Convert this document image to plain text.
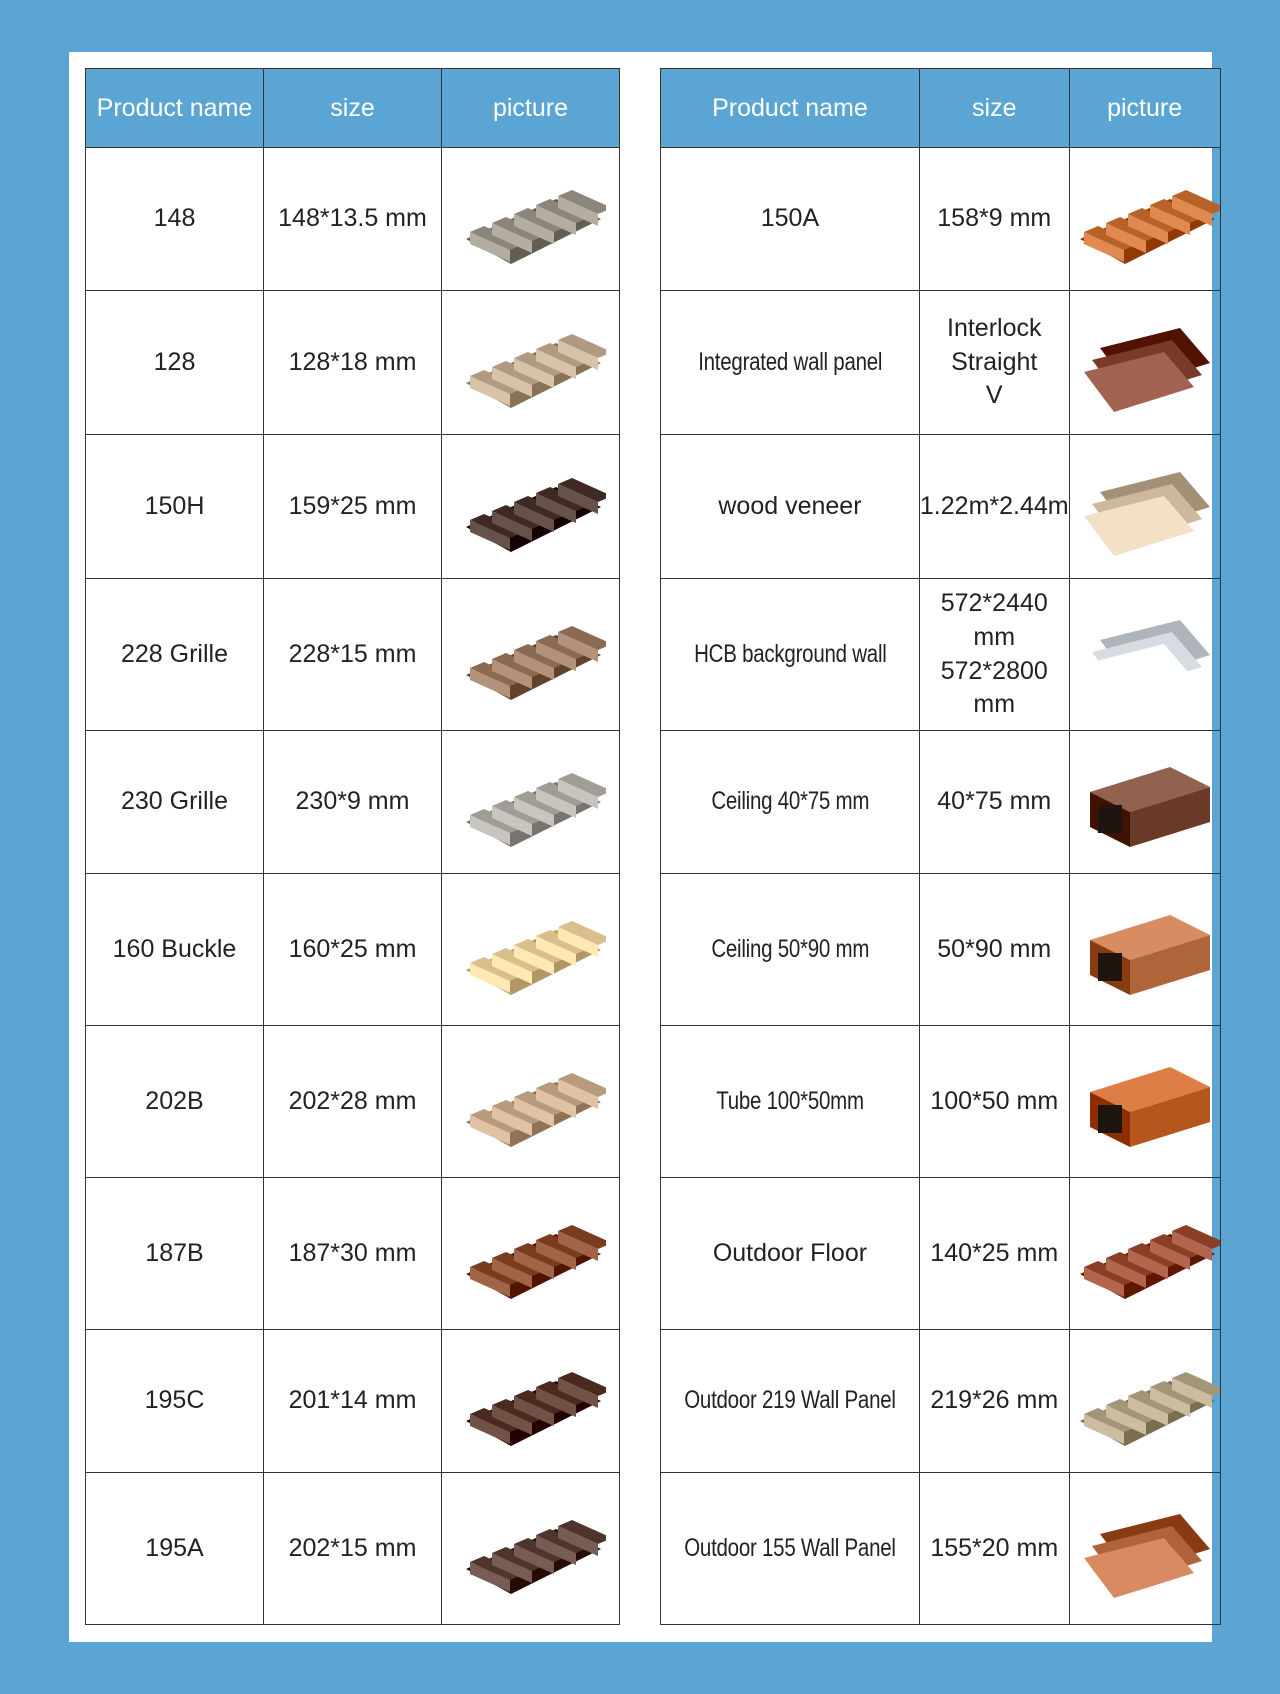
Product name	size	picture
148	148*13.5 mm	

128	128*18 mm	

150H	159*25 mm	

228 Grille	228*15 mm	

230 Grille	230*9 mm	

160 Buckle	160*25 mm	

202B	202*28 mm	

187B	187*30 mm	

195C	201*14 mm	

195A	202*15 mm	
Product name	size	picture
150A	158*9 mm

Integrated wall panel	Interlock
Straight
V

wood veneer	1.22m*2.44m

HCB background wall	572*2440 mm
572*2800 mm

Ceiling 40*75 mm	40*75 mm

Ceiling 50*90 mm	50*90 mm

Tube 100*50mm	100*50 mm

Outdoor Floor	140*25 mm

Outdoor 219 Wall Panel	219*26 mm

Outdoor 155 Wall Panel	155*20 mm
